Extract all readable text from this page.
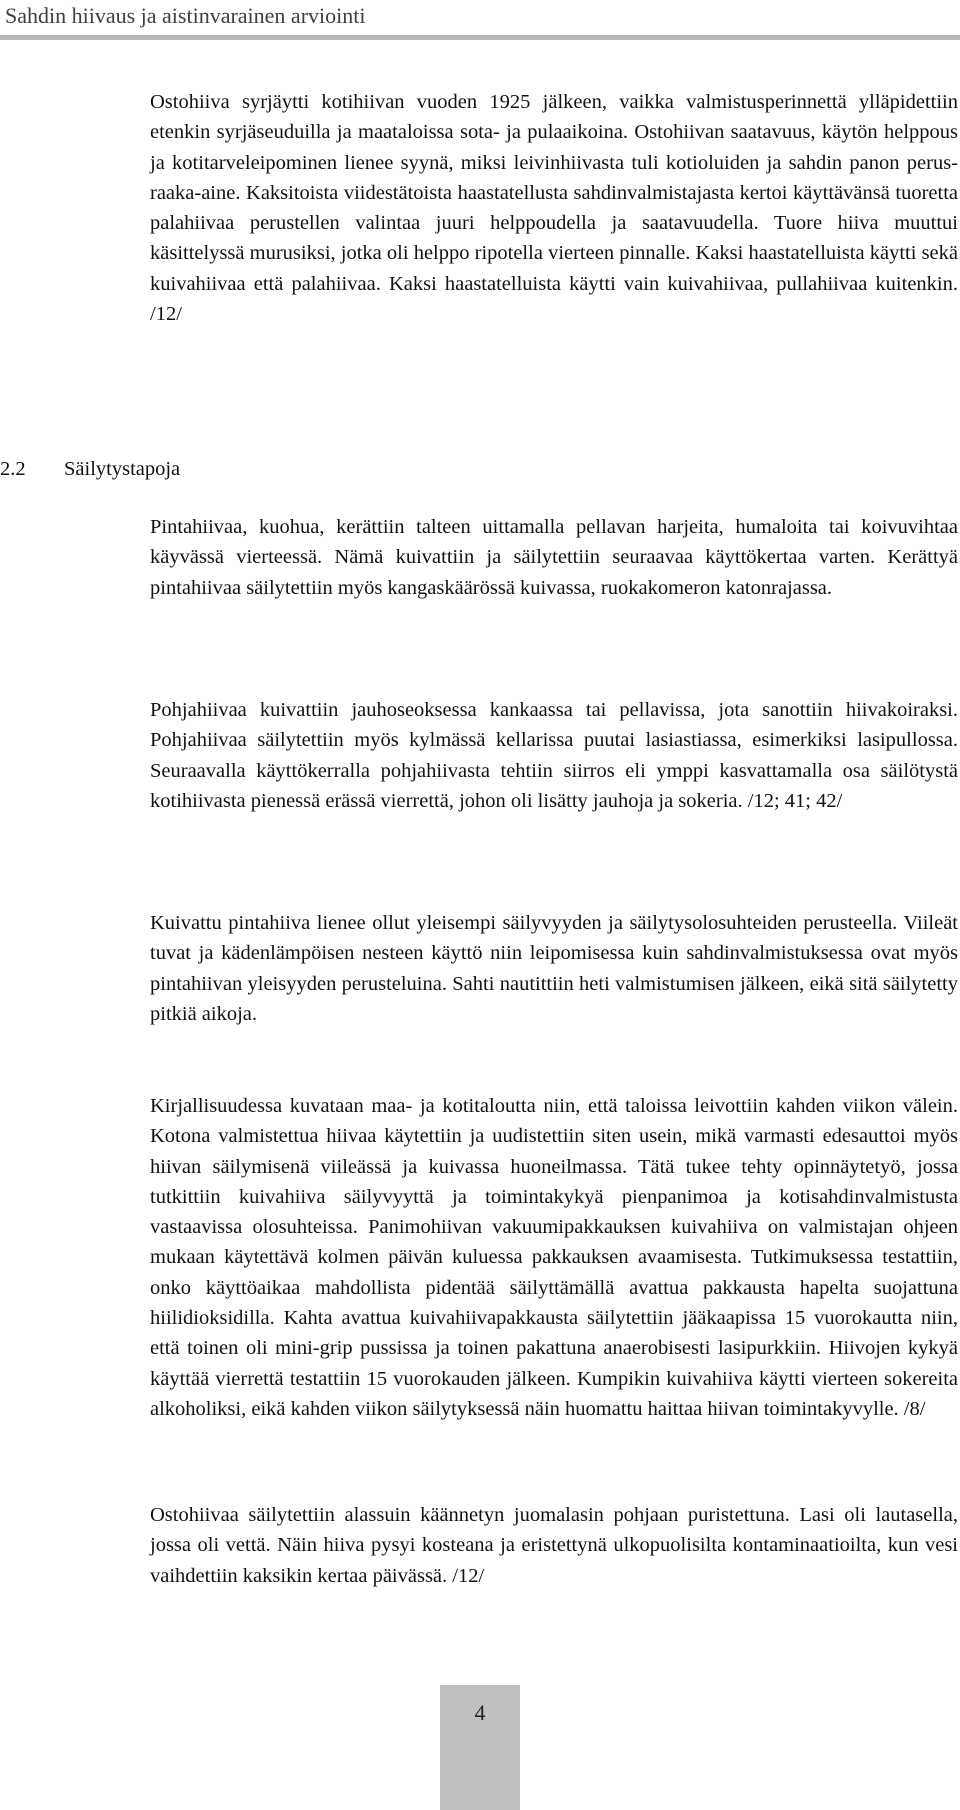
Sahdin hiivaus ja aistinvarainen arviointi

Ostohiiva syrjäytti kotihiivan vuoden 1925 jälkeen, vaikka valmistusperinnettä ylläpidettiin etenkin syrjäseuduilla ja maataloissa sota- ja pulaaikoina. Ostohiivan saatavuus, käytön helppous ja kotitarveleipominen lienee syynä, miksi leivinhiivasta tuli kotioluiden ja sahdin panon perusraaka-aine. Kaksitoista viidestätoista haastatellusta sahdinvalmistajasta kertoi käyttävänsä tuoretta palahiivaa perustellen valintaa juuri helppoudella ja saatavuudella. Tuore hiiva muuttui käsittelyssä murusiksi, jotka oli helppo ripotella vierteen pinnalle. Kaksi haastatelluista käytti sekä kuivahiivaa että palahiivaa. Kaksi haastatelluista käytti vain kuivahiivaa, pullahiivaa kuitenkin. /12/

2.2 Säilytystapoja

Pintahiivaa, kuohua, kerättiin talteen uittamalla pellavan harjeita, humaloita tai koivuvihtaa käyvässä vierteessä. Nämä kuivattiin ja säilytettiin seuraavaa käyttökertaa varten. Kerättyä pintahiivaa säilytettiin myös kangaskäärössä kuivassa, ruokakomeron katonrajassa.

Pohjahiivaa kuivattiin jauhoseoksessa kankaassa tai pellavissa, jota sanottiin hiivakoiraksi. Pohjahiivaa säilytettiin myös kylmässä kellarissa puutai lasiastiassa, esimerkiksi lasipullossa. Seuraavalla käyttökerralla pohjahiivasta tehtiin siirros eli ymppi kasvattamalla osa säilötystä kotihiivasta pienessä erässä vierrettä, johon oli lisätty jauhoja ja sokeria. /12; 41; 42/

Kuivattu pintahiiva lienee ollut yleisempi säilyvyyden ja säilytysolosuhteiden perusteella. Viileät tuvat ja kädenlämpöisen nesteen käyttö niin leipomisessa kuin sahdinvalmistuksessa ovat myös pintahiivan yleisyyden perusteluina. Sahti nautittiin heti valmistumisen jälkeen, eikä sitä säilytetty pitkiä aikoja.

Kirjallisuudessa kuvataan maa- ja kotitaloutta niin, että taloissa leivottiin kahden viikon välein. Kotona valmistettua hiivaa käytettiin ja uudistettiin siten usein, mikä varmasti edesauttoi myös hiivan säilymisenä viileässä ja kuivassa huoneilmassa. Tätä tukee tehty opinnäytetyö, jossa tutkittiin kuivahiiva säilyvyyttä ja toimintakykyä pienpanimoa ja kotisahdinvalmistusta vastaavissa olosuhteissa. Panimohiivan vakuumipakkauksen kuivahiiva on valmistajan ohjeen mukaan käytettävä kolmen päivän kuluessa pakkauksen avaamisesta. Tutkimuksessa testattiin, onko käyttöaikaa mahdollista pidentää säilyttämällä avattua pakkausta hapelta suojattuna hiilidioksidilla. Kahta avattua kuivahiivapakkausta säilytettiin jääkaapissa 15 vuorokautta niin, että toinen oli mini-grip pussissa ja toinen pakattuna anaerobisesti lasipurkkiin. Hiivojen kykyä käyttää vierrettä testattiin 15 vuorokauden jälkeen. Kumpikin kuivahiiva käytti vierteen sokereita alkoholiksi, eikä kahden viikon säilytyksessä näin huomattu haittaa hiivan toimintakyvylle. /8/

Ostohiivaa säilytettiin alassuin käännetyn juomalasin pohjaan puristettuna. Lasi oli lautasella, jossa oli vettä. Näin hiiva pysyi kosteana ja eristettynä ulkopuolisilta kontaminaatioilta, kun vesi vaihdettiin kaksikin kertaa päivässä. /12/

4
